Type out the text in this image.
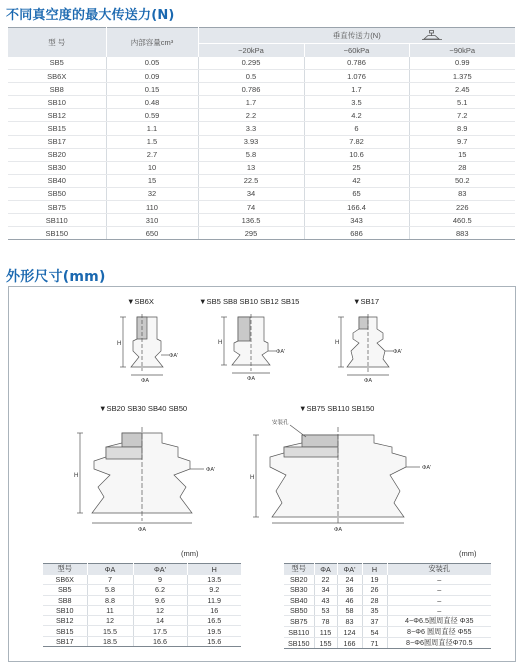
不同真空度的最大传送力(N)
型 号	内部容量cm³	垂直传送力(N)		

		−20kPa	−60kPa	−90kPa
SB5	0.05	0.295	0.786	0.99
SB6X	0.09	0.5	1.076	1.375
SB8	0.15	0.786	1.7	2.45
SB10	0.48	1.7	3.5	5.1
SB12	0.59	2.2	4.2	7.2
SB15	1.1	3.3	6	8.9
SB17	1.5	3.93	7.82	9.7
SB20	2.7	5.8	10.6	15
SB30	10	13	25	28
SB40	15	22.5	42	50.2
SB50	32	34	65	83
SB75	110	74	166.4	226
SB110	310	136.5	343	460.5
SB150	650	295	686	883
外形尺寸(mm)
▼SB6X	▼SB5 SB8 SB10 SB12 SB15	▼SB17
▼SB20 SB30 SB40 SB50	▼SB75 SB110 SB150
H
ΦA
ΦA'
H
ΦA
ΦA'
H
ΦA
ΦA'
H
ΦA
ΦA'
安装孔
H
ΦA
ΦA'
(mm)	(mm)
型号	ΦA	ΦA'	H
SB6X	7	9	13.5
SB5	5.8	6.2	9.2
SB8	8.8	9.6	11.9
SB10	11	12	16
SB12	12	14	16.5
SB15	15.5	17.5	19.5
SB17	18.5	16.6	15.6
型号	ΦA	ΦA'	H	安装孔
SB20	22	24	19	–
SB30	34	36	26	–
SB40	43	46	28	–
SB50	53	58	35	–
SB75	78	83	37	4−Φ6.5圆周直径 Φ35
SB110	115	124	54	8−Φ6 圆周直径 Φ55
SB150	155	166	71	8−Φ6圆周直径Φ70.5
